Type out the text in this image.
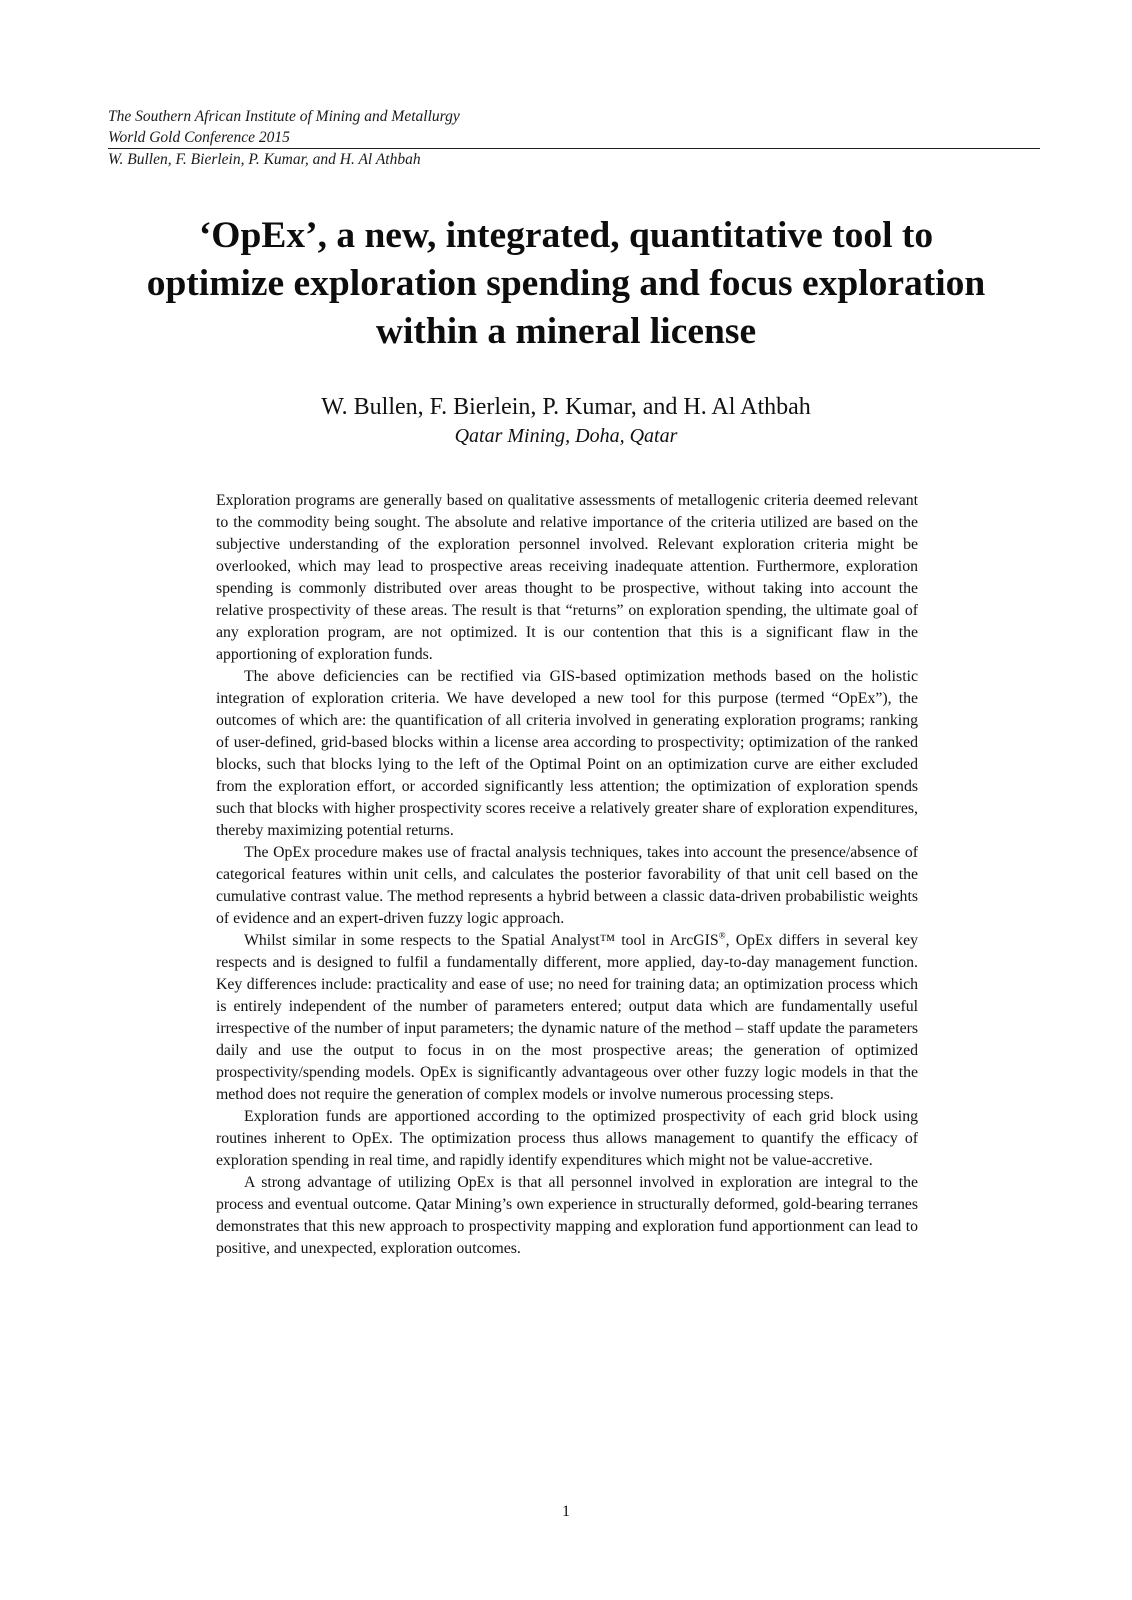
The Southern African Institute of Mining and Metallurgy
World Gold Conference 2015
W. Bullen, F. Bierlein, P. Kumar, and H. Al Athbah
‘OpEx’, a new, integrated, quantitative tool to
optimize exploration spending and focus exploration
within a mineral license
W. Bullen, F. Bierlein, P. Kumar, and H. Al Athbah
Qatar Mining, Doha, Qatar

Exploration programs are generally based on qualitative assessments of metallogenic criteria deemed relevant to the commodity being sought. The absolute and relative importance of the criteria utilized are based on the subjective understanding of the exploration personnel involved. Relevant exploration criteria might be overlooked, which may lead to prospective areas receiving inadequate attention. Furthermore, exploration spending is commonly distributed over areas thought to be prospective, without taking into account the relative prospectivity of these areas. The result is that “returns” on exploration spending, the ultimate goal of any exploration program, are not optimized. It is our contention that this is a significant flaw in the apportioning of exploration funds.

The above deficiencies can be rectified via GIS-based optimization methods based on the holistic integration of exploration criteria. We have developed a new tool for this purpose (termed “OpEx”), the outcomes of which are: the quantification of all criteria involved in generating exploration programs; ranking of user-defined, grid-based blocks within a license area according to prospectivity; optimization of the ranked blocks, such that blocks lying to the left of the Optimal Point on an optimization curve are either excluded from the exploration effort, or accorded significantly less attention; the optimization of exploration spends such that blocks with higher prospectivity scores receive a relatively greater share of exploration expenditures, thereby maximizing potential returns.

The OpEx procedure makes use of fractal analysis techniques, takes into account the presence/absence of categorical features within unit cells, and calculates the posterior favorability of that unit cell based on the cumulative contrast value. The method represents a hybrid between a classic data-driven probabilistic weights of evidence and an expert-driven fuzzy logic approach.

Whilst similar in some respects to the Spatial Analyst™ tool in ArcGIS®, OpEx differs in several key respects and is designed to fulfil a fundamentally different, more applied, day-to-day management function. Key differences include: practicality and ease of use; no need for training data; an optimization process which is entirely independent of the number of parameters entered; output data which are fundamentally useful irrespective of the number of input parameters; the dynamic nature of the method – staff update the parameters daily and use the output to focus in on the most prospective areas; the generation of optimized prospectivity/spending models. OpEx is significantly advantageous over other fuzzy logic models in that the method does not require the generation of complex models or involve numerous processing steps.

Exploration funds are apportioned according to the optimized prospectivity of each grid block using routines inherent to OpEx. The optimization process thus allows management to quantify the efficacy of exploration spending in real time, and rapidly identify expenditures which might not be value-accretive.

A strong advantage of utilizing OpEx is that all personnel involved in exploration are integral to the process and eventual outcome. Qatar Mining’s own experience in structurally deformed, gold-bearing terranes demonstrates that this new approach to prospectivity mapping and exploration fund apportionment can lead to positive, and unexpected, exploration outcomes.

1
